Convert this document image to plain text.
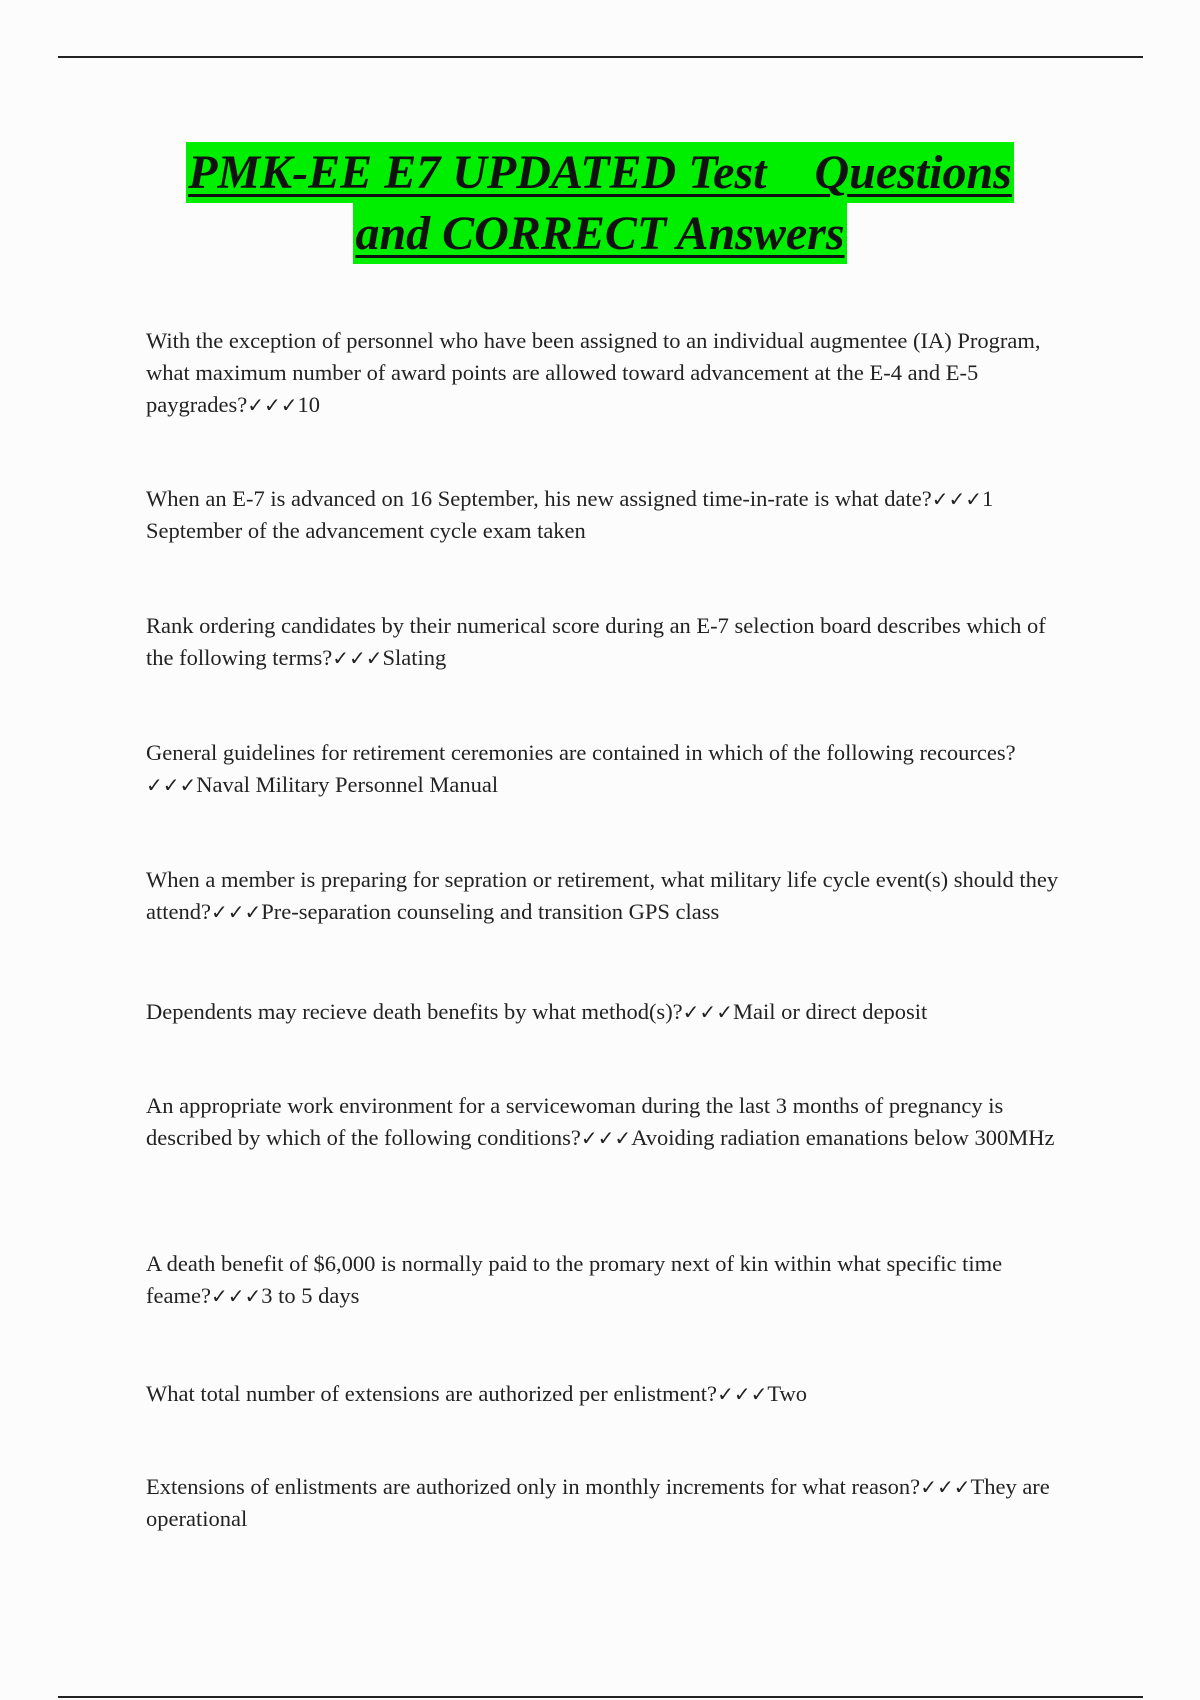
PMK-EE E7 UPDATED Test    Questions
and CORRECT Answers
With the exception of personnel who have been assigned to an individual augmentee (IA) Program, what maximum number of award points are allowed toward advancement at the E-4 and E-5 paygrades?✓✓✓10
When an E-7 is advanced on 16 September, his new assigned time-in-rate is what date?✓✓✓1 September of the advancement cycle exam taken
Rank ordering candidates by their numerical score during an E-7 selection board describes which of the following terms?✓✓✓Slating
General guidelines for retirement ceremonies are contained in which of the following recources?✓✓✓Naval Military Personnel Manual
When a member is preparing for sepration or retirement, what military life cycle event(s) should they attend?✓✓✓Pre-separation counseling and transition GPS class
Dependents may recieve death benefits by what method(s)?✓✓✓Mail or direct deposit
An appropriate work environment for a servicewoman during the last 3 months of pregnancy is described by which of the following conditions?✓✓✓Avoiding radiation emanations below 300MHz
A death benefit of $6,000 is normally paid to the promary next of kin within what specific time feame?✓✓✓3 to 5 days
What total number of extensions are authorized per enlistment?✓✓✓Two
Extensions of enlistments are authorized only in monthly increments for what reason?✓✓✓They are operational
